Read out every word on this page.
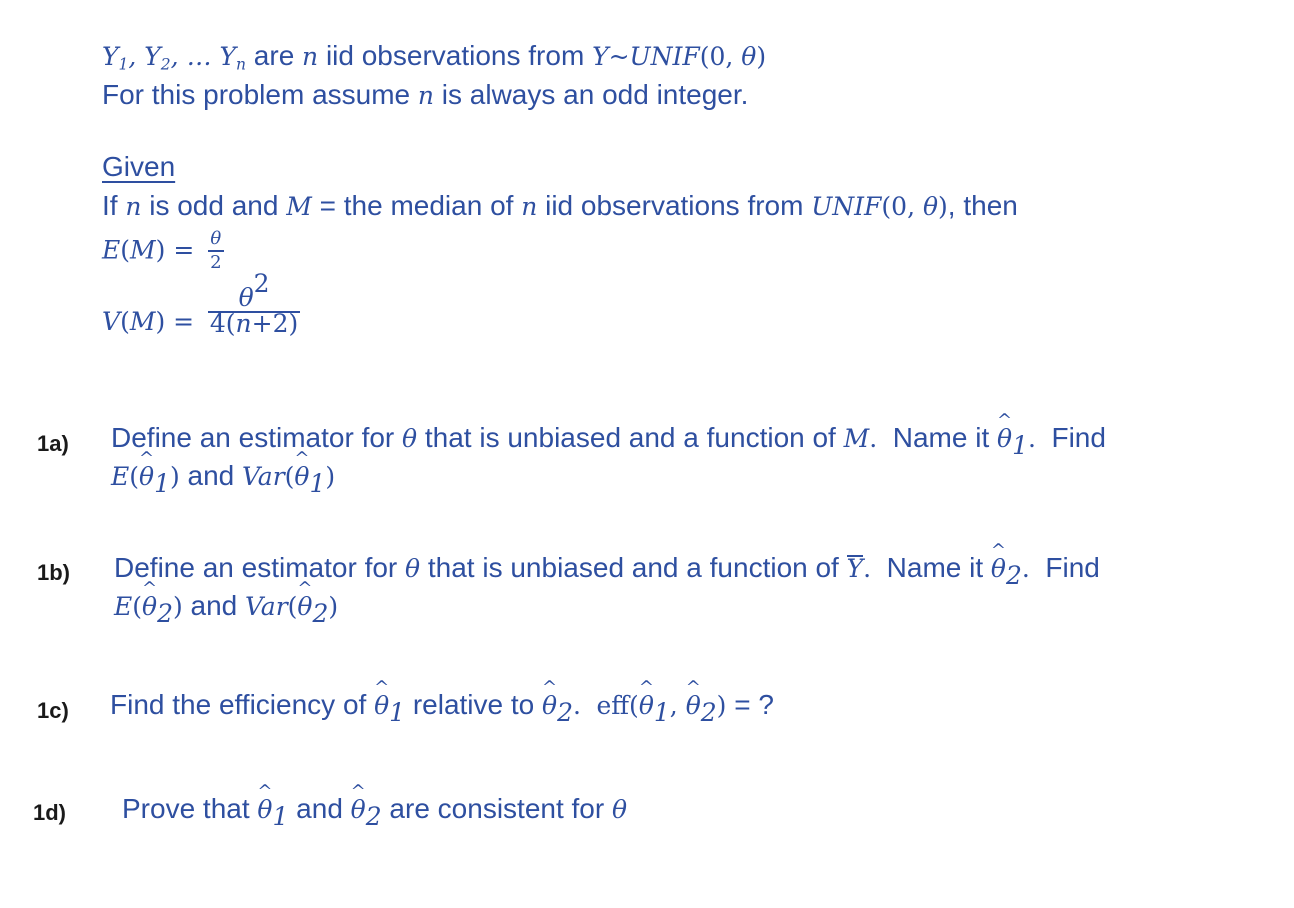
$Y_1$, $Y_2$, … $Y_n$ are n iid observations from Y~UNIF(0, θ)
For this problem assume n is always an odd integer.
Given
If n is odd and M = the median of n iid observations from UNIF(0, θ), then
$E(M) = \frac{\theta}{2}$
$V(M) = \frac{\theta^2}{4(n+2)}$
1a) Define an estimator for θ that is unbiased and a function of M. Name it ^ $\theta_1$. Find
E(^ $\theta_1$) and Var(^ $\theta_1$)
1b) Define an estimator for θ that is unbiased and a function of Y. Name it ^ $\theta_2$. Find
E(^ $\theta_2$) and Var(^ $\theta_2$)
1c) Find the efficiency of ^ $\theta_1$ relative to ^ $\theta_2$. eff(^ $\theta_1$, ^ $\theta_2$) = ?
1d) Prove that ^ $\theta_1$ and ^ $\theta_2$ are consistent for θ
